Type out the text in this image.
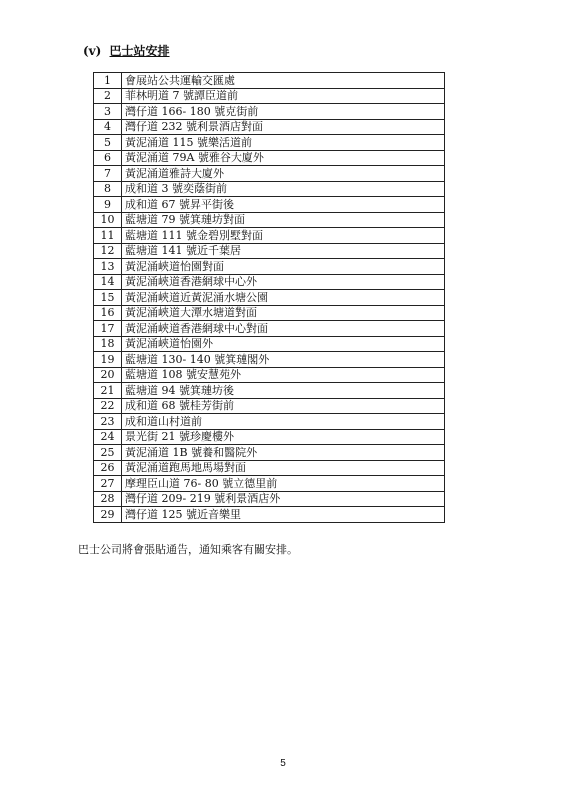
(v) 巴士站安排
1	會展站公共運輸交匯處
2	菲林明道 7 號譚臣道前
3	灣仔道 166- 180 號克街前
4	灣仔道 232 號利景酒店對面
5	黃泥涌道 115 號樂活道前
6	黃泥涌道 79A 號雅谷大廈外
7	黃泥涌道雅詩大廈外
8	成和道 3 號奕蔭街前
9	成和道 67 號昇平街後
10	藍塘道 79 號箕璉坊對面
11	藍塘道 111 號金碧別墅對面
12	藍塘道 141 號近千葉居
13	黃泥涌峽道怡園對面
14	黃泥涌峽道香港網球中心外
15	黃泥涌峽道近黃泥涌水塘公園
16	黃泥涌峽道大潭水塘道對面
17	黃泥涌峽道香港網球中心對面
18	黃泥涌峽道怡園外
19	藍塘道 130- 140 號箕璉閣外
20	藍塘道 108 號安慧苑外
21	藍塘道 94 號箕璉坊後
22	成和道 68 號桂芳街前
23	成和道山村道前
24	景光街 21 號珍慶樓外
25	黃泥涌道 1B 號養和醫院外
26	黃泥涌道跑馬地馬場對面
27	摩理臣山道 76- 80 號立德里前
28	灣仔道 209- 219 號利景酒店外
29	灣仔道 125 號近音樂里

巴士公司將會張貼通告，通知乘客有關安排。

5
